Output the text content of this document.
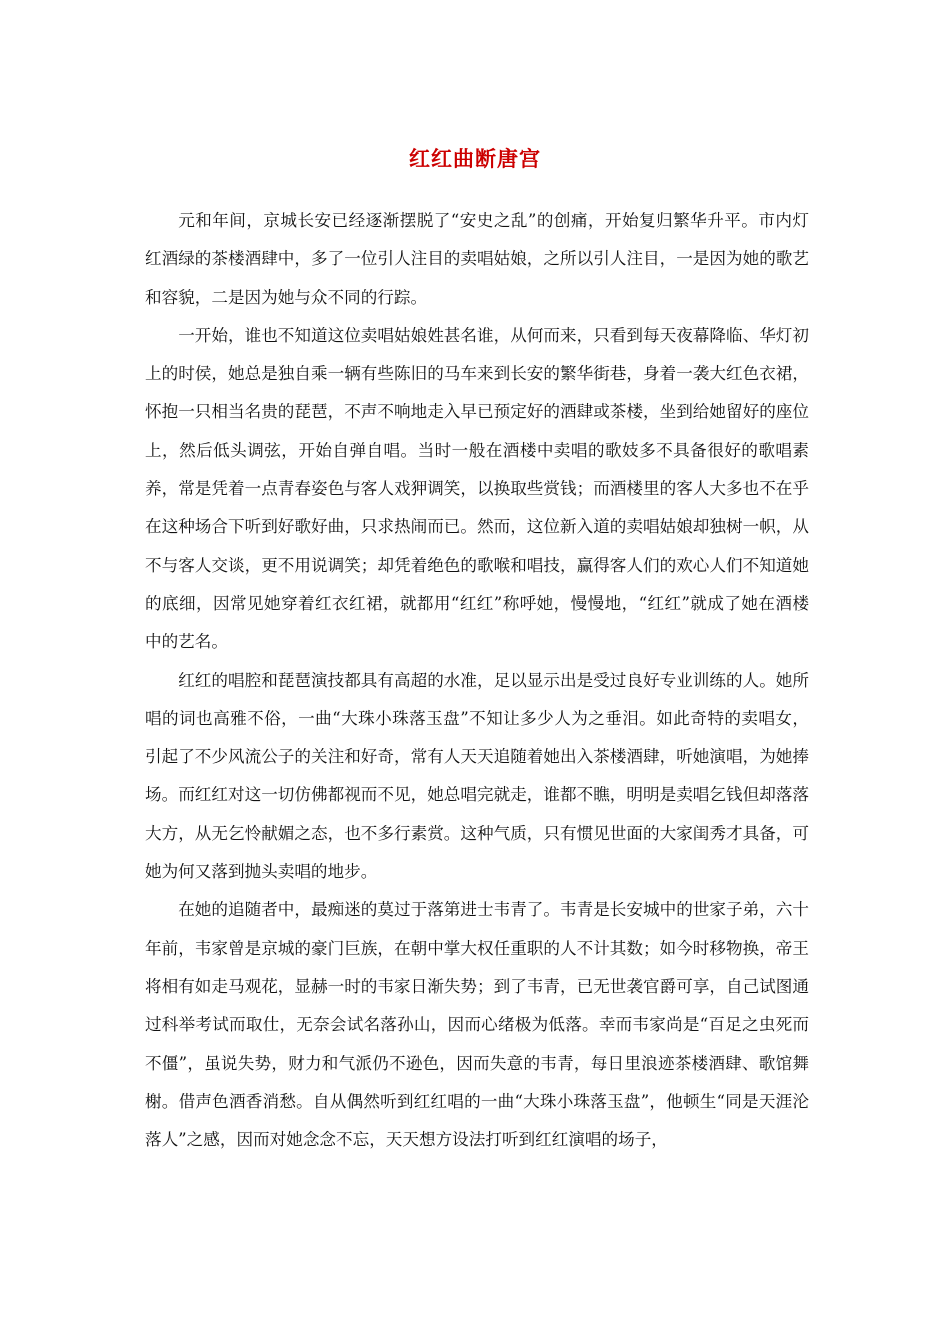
红红曲断唐宫

元和年间，京城长安已经逐渐摆脱了“安史之乱”的创痛，开始复归繁华升平。市内灯红酒绿的茶楼酒肆中，多了一位引人注目的卖唱姑娘，之所以引人注目，一是因为她的歌艺和容貌，二是因为她与众不同的行踪。

一开始，谁也不知道这位卖唱姑娘姓甚名谁，从何而来，只看到每天夜幕降临、华灯初上的时侯，她总是独自乘一辆有些陈旧的马车来到长安的繁华街巷，身着一袭大红色衣裙，怀抱一只相当名贵的琵琶，不声不响地走入早已预定好的酒肆或茶楼，坐到给她留好的座位上，然后低头调弦，开始自弹自唱。当时一般在酒楼中卖唱的歌妓多不具备很好的歌唱素养，常是凭着一点青春姿色与客人戏狎调笑，以换取些赏钱；而酒楼里的客人大多也不在乎在这种场合下听到好歌好曲，只求热闹而已。然而，这位新入道的卖唱姑娘却独树一帜，从不与客人交谈，更不用说调笑；却凭着绝色的歌喉和唱技，赢得客人们的欢心人们不知道她的底细，因常见她穿着红衣红裙，就都用“红红”称呼她，慢慢地，“红红”就成了她在酒楼中的艺名。

红红的唱腔和琵琶演技都具有高超的水准，足以显示出是受过良好专业训练的人。她所唱的词也高雅不俗，一曲“大珠小珠落玉盘”不知让多少人为之垂泪。如此奇特的卖唱女，引起了不少风流公子的关注和好奇，常有人天天追随着她出入茶楼酒肆，听她演唱，为她捧场。而红红对这一切仿佛都视而不见，她总唱完就走，谁都不瞧，明明是卖唱乞钱但却落落大方，从无乞怜献媚之态，也不多行素赏。这种气质，只有惯见世面的大家闺秀才具备，可她为何又落到抛头卖唱的地步。

在她的追随者中，最痴迷的莫过于落第进士韦青了。韦青是长安城中的世家子弟，六十年前，韦家曾是京城的豪门巨族，在朝中掌大权任重职的人不计其数；如今时移物换，帝王将相有如走马观花，显赫一时的韦家日渐失势；到了韦青，已无世袭官爵可享，自己试图通过科举考试而取仕，无奈会试名落孙山，因而心绪极为低落。幸而韦家尚是“百足之虫死而不僵”，虽说失势，财力和气派仍不逊色，因而失意的韦青，每日里浪迹茶楼酒肆、歌馆舞榭。借声色酒香消愁。自从偶然听到红红唱的一曲“大珠小珠落玉盘”，他顿生“同是天涯沦落人”之感，因而对她念念不忘，天天想方设法打听到红红演唱的场子，
